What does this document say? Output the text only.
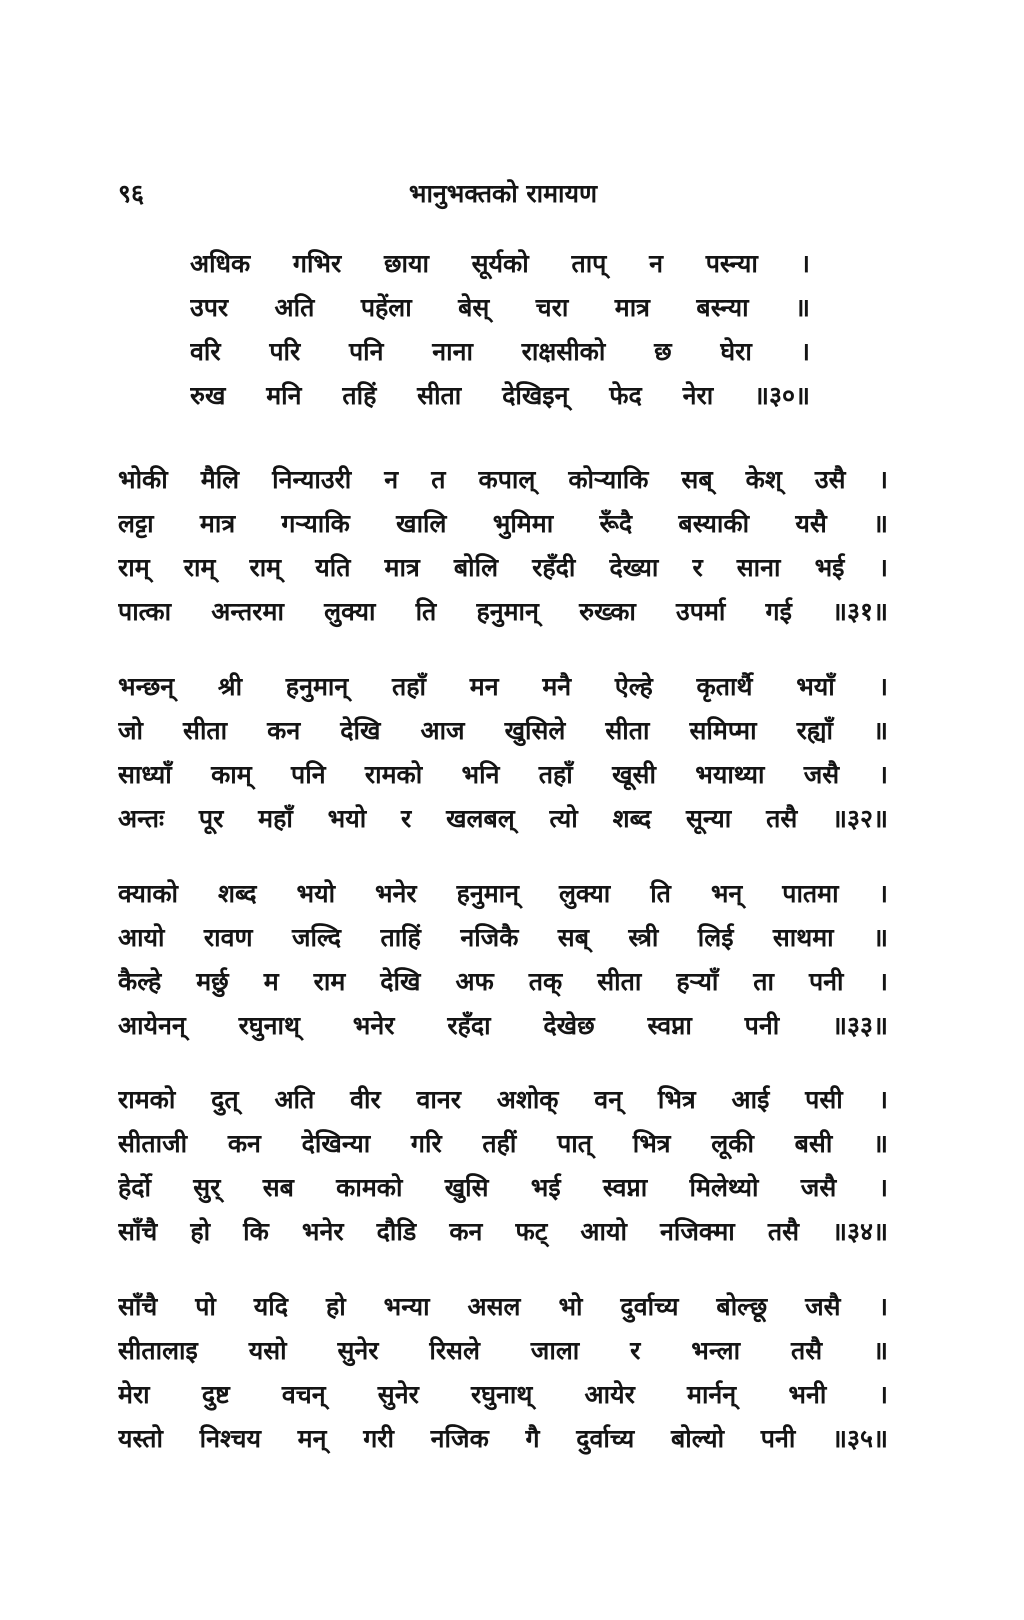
९६	भानुभक्तको रामायण
अधिक गभिर छाया सूर्यको ताप् न पस्न्या ।
उपर अति पहेंला बेस् चरा मात्र बस्न्या ॥
वरि परि पनि नाना राक्षसीको छ घेरा ।
रुख मनि तहिं सीता देखिइन् फेद नेरा ॥३०॥
भोकी मैलि निन्याउरी न त कपाल् कोऱ्याकि सब् केश् उसै ।
लट्टा मात्र गऱ्याकि खालि भुमिमा रूँदै बस्याकी यसै ॥
राम् राम् राम् यति मात्र बोलि रहँदी देख्या र साना भई ।
पात्का अन्तरमा लुक्या ति हनुमान् रुख्का उपर्मा गई ॥३१॥
भन्छन् श्री हनुमान् तहाँ मन मनै ऐल्हे कृतार्थै भयाँ ।
जो सीता कन देखि आज खुसिले सीता समिप्मा रह्याँ ॥
साध्याँ काम् पनि रामको भनि तहाँ खूसी भयाथ्या जसै ।
अन्तः पूर महाँ भयो र खलबल् त्यो शब्द सून्या तसै ॥३२॥
क्याको शब्द भयो भनेर हनुमान् लुक्या ति भन् पातमा ।
आयो रावण जल्दि ताहिं नजिकै सब् स्त्री लिई साथमा ॥
कैल्हे मर्छु म राम देखि अफ तक् सीता हऱ्याँ ता पनी ।
आयेनन् रघुनाथ् भनेर रहँदा देखेछ स्वप्ना पनी ॥३३॥
रामको दुत् अति वीर वानर अशोक् वन् भित्र आई पसी ।
सीताजी कन देखिन्या गरि तहीं पात् भित्र लूकी बसी ॥
हेर्दो सुर् सब कामको खुसि भई स्वप्ना मिलेथ्यो जसै ।
साँचै हो कि भनेर दौडि कन फट् आयो नजिक्मा तसै ॥३४॥
साँचै पो यदि हो भन्या असल भो दुर्वाच्य बोल्छू जसै ।
सीतालाइ यसो सुनेर रिसले जाला र भन्ला तसै ॥
मेरा दुष्ट वचन् सुनेर रघुनाथ् आयेर मार्नन् भनी ।
यस्तो निश्चय मन् गरी नजिक गै दुर्वाच्य बोल्यो पनी ॥३५॥
